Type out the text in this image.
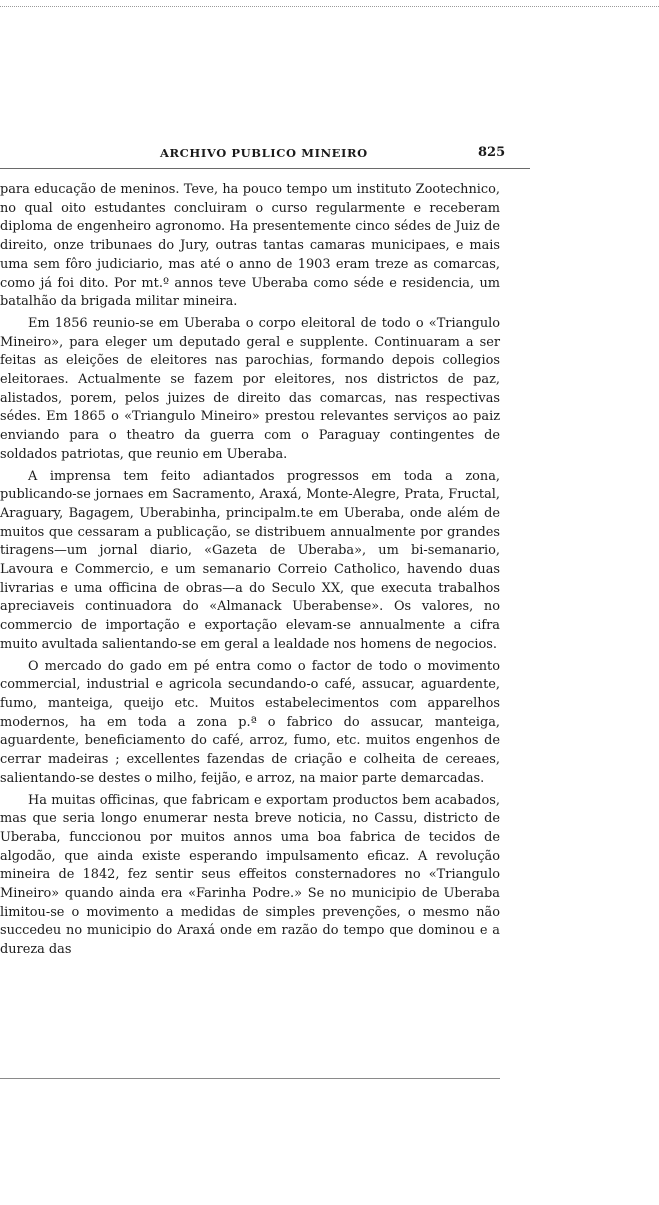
ARCHIVO PUBLICO MINEIRO	825

para educação de meninos. Teve, ha pouco tempo um instituto Zootechnico, no qual oito estudantes concluiram o curso regularmente e receberam diploma de engenheiro agronomo. Ha presentemente cinco sédes de Juiz de direito, onze tribunaes do Jury, outras tantas camaras municipaes, e mais uma sem fôro judiciario, mas até o anno de 1903 eram treze as comarcas, como já foi dito. Por mt.º annos teve Uberaba como séde e residencia, um batalhão da brigada militar mineira.

Em 1856 reunio-se em Uberaba o corpo eleitoral de todo o «Triangulo Mineiro», para eleger um deputado geral e supplente. Continuaram a ser feitas as eleições de eleitores nas parochias, formando depois collegios eleitoraes. Actualmente se fazem por eleitores, nos districtos de paz, alistados, porem, pelos juizes de direito das comarcas, nas respectivas sédes. Em 1865 o «Triangulo Mineiro» prestou relevantes serviços ao paiz enviando para o theatro da guerra com o Paraguay contingentes de soldados patriotas, que reunio em Uberaba.

A imprensa tem feito adiantados progressos em toda a zona, publicando-se jornaes em Sacramento, Araxá, Monte-Alegre, Prata, Fructal, Araguary, Bagagem, Uberabinha, principalm.te em Uberaba, onde além de muitos que cessaram a publicação, se distribuem annualmente por grandes tiragens—um jornal diario, «Gazeta de Uberaba», um bi-semanario, Lavoura e Commercio, e um semanario Correio Catholico, havendo duas livrarias e uma officina de obras—a do Seculo XX, que executa trabalhos apreciaveis continuadora do «Almanack Uberabense». Os valores, no commercio de importação e exportação elevam-se annualmente a cifra muito avultada salientando-se em geral a lealdade nos homens de negocios.

O mercado do gado em pé entra como o factor de todo o movimento commercial, industrial e agricola secundando-o café, assucar, aguardente, fumo, manteiga, queijo etc. Muitos estabelecimentos com apparelhos modernos, ha em toda a zona p.ª o fabrico do assucar, manteiga, aguardente, beneficiamento do café, arroz, fumo, etc. muitos engenhos de cerrar madeiras ; excellentes fazendas de criação e colheita de cereaes, salientando-se destes o milho, feijão, e arroz, na maior parte demarcadas.

Ha muitas officinas, que fabricam e exportam productos bem acabados, mas que seria longo enumerar nesta breve noticia, no Cassu, districto de Uberaba, funccionou por muitos annos uma boa fabrica de tecidos de algodão, que ainda existe esperando impulsamento eficaz. A revolução mineira de 1842, fez sentir seus effeitos consternadores no «Triangulo Mineiro» quando ainda era «Farinha Podre.» Se no municipio de Uberaba limitou-se o movimento a medidas de simples prevenções, o mesmo não succedeu no municipio do Araxá onde em razão do tempo que dominou e a dureza das
